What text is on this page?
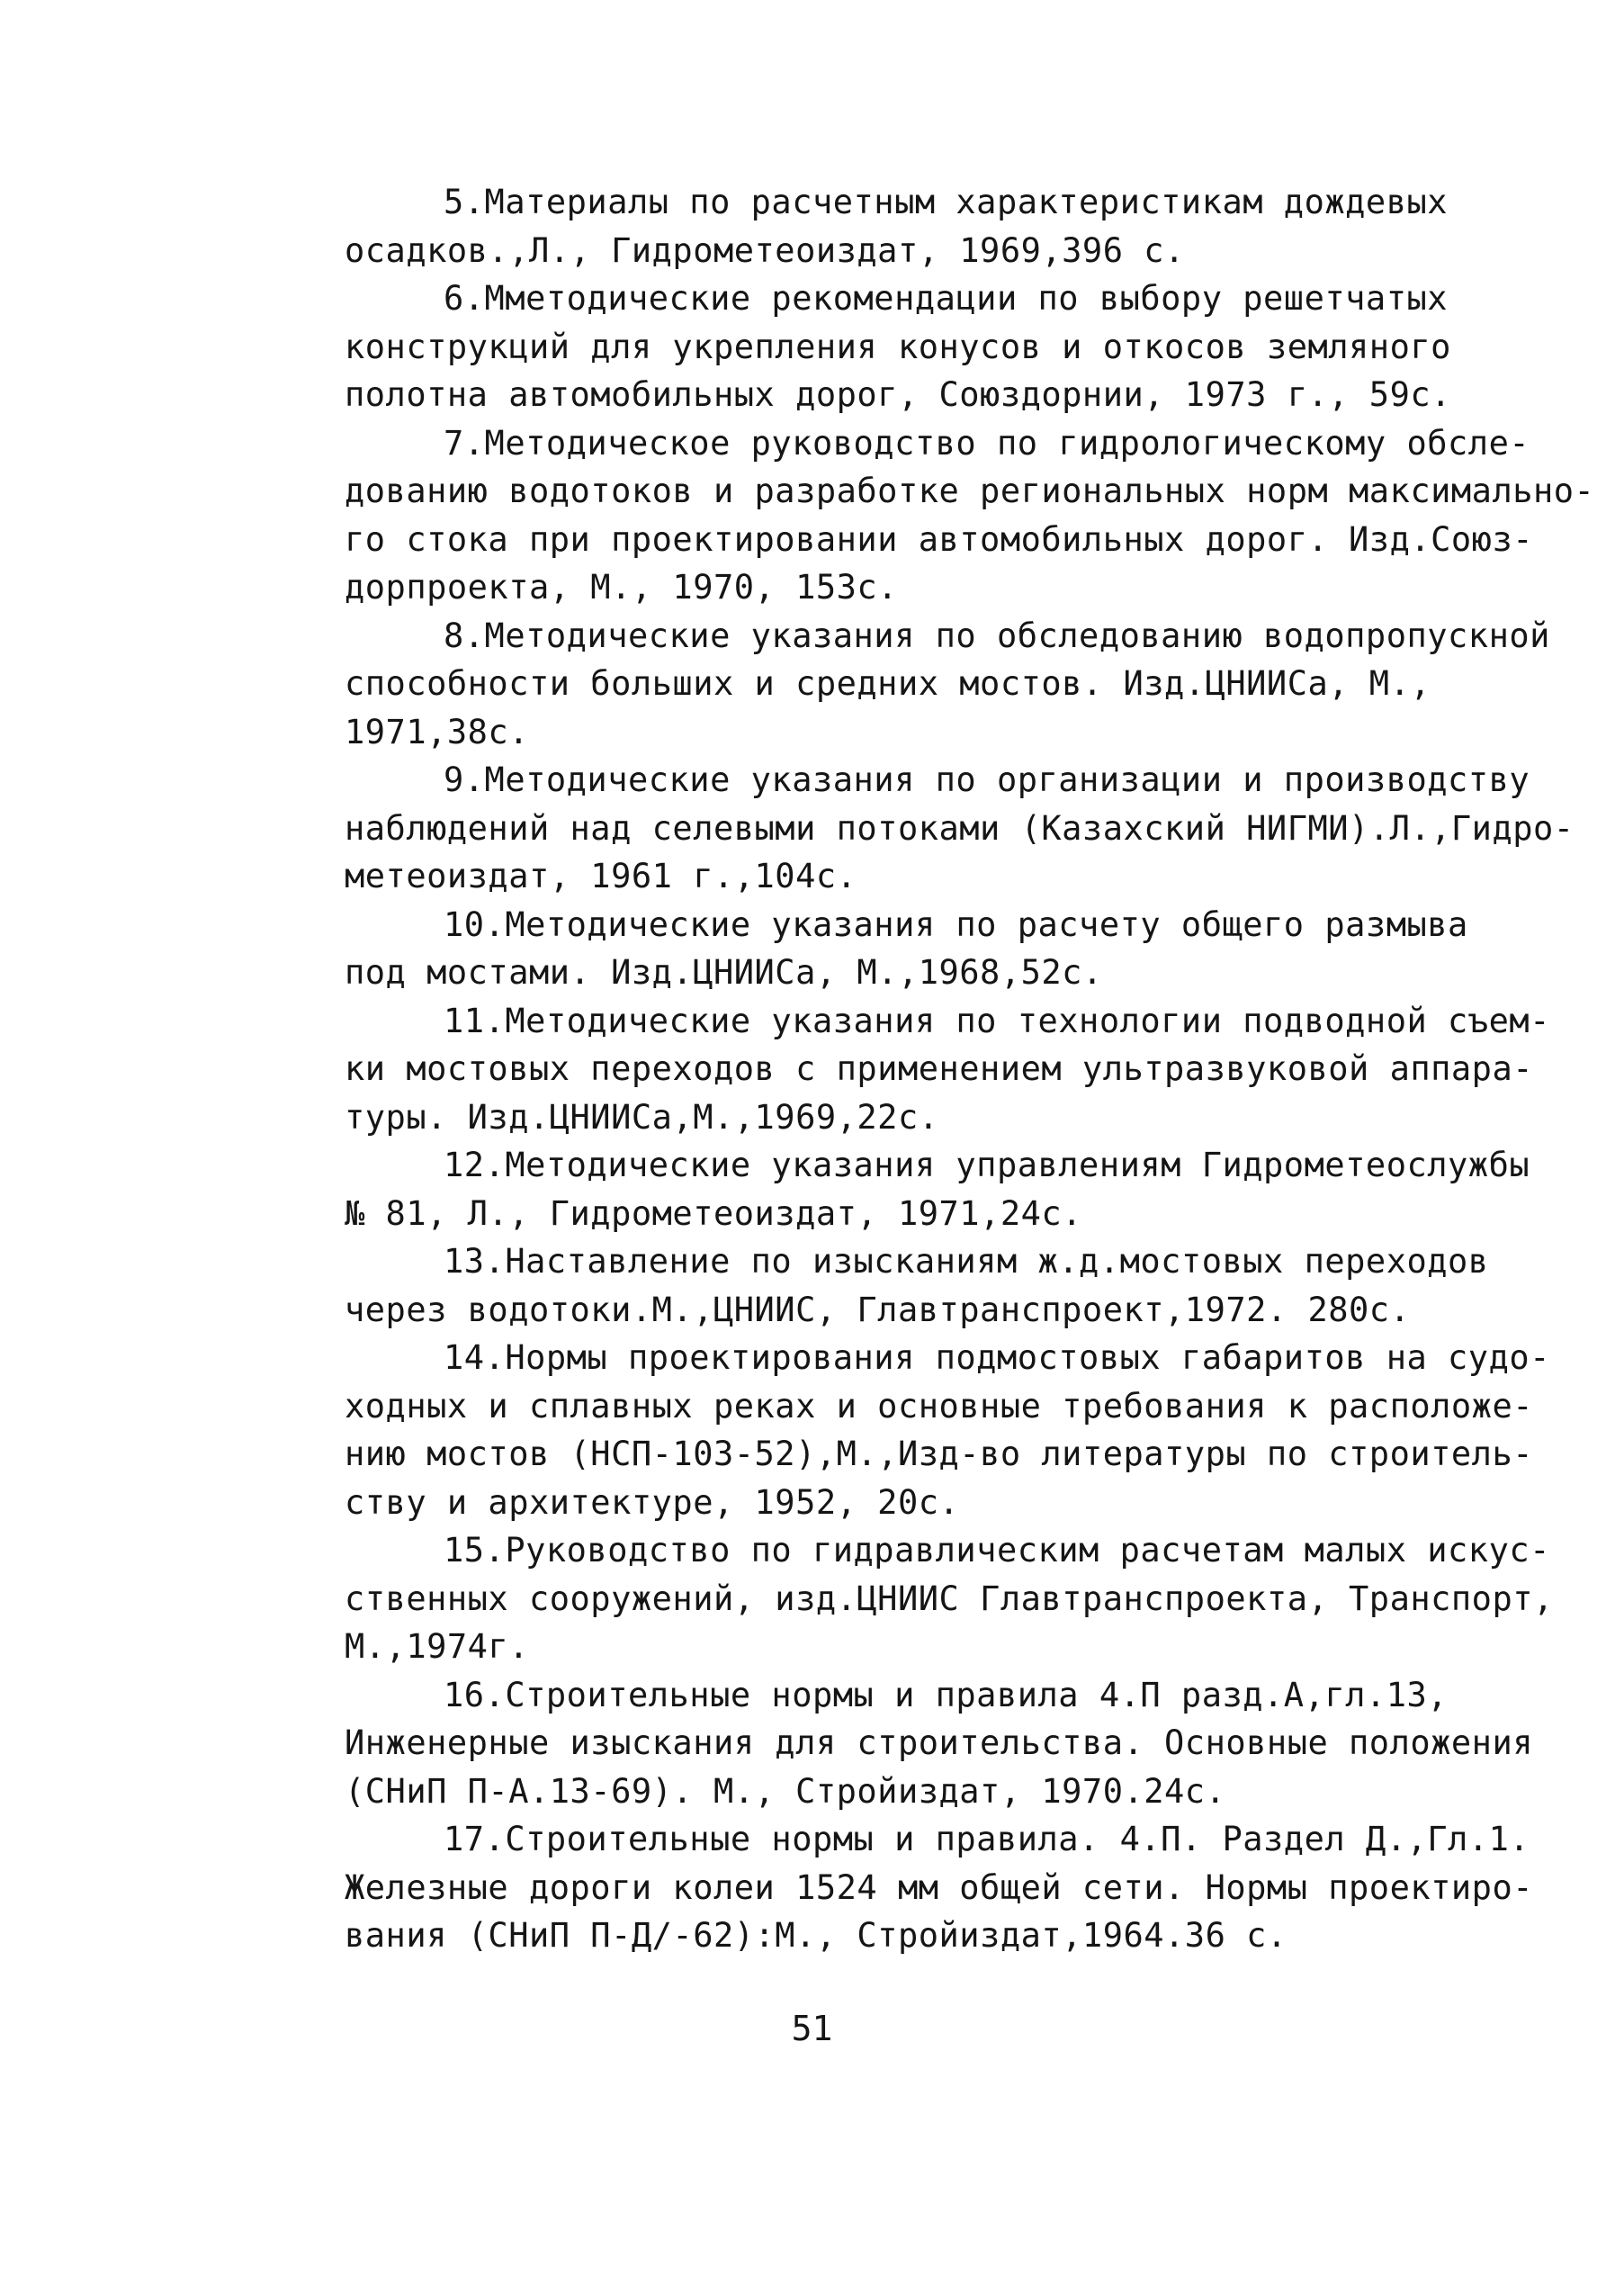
5.Материалы по расчетным характеристикам дождевых
осадков.,Л., Гидрометеоиздат, 1969,396 с.
6.Мметодические рекомендации по выбору решетчатых
конструкций для укрепления конусов и откосов земляного
полотна автомобильных дорог, Союздорнии, 1973 г., 59с.
7.Методическое руководство по гидрологическому обсле-
дованию водотоков и разработке региональных норм максимально-
го стока при проектировании автомобильных дорог. Изд.Союз-
дорпроекта, М., 1970, 153с.
8.Методические указания по обследованию водопропускной
способности больших и средних мостов. Изд.ЦНИИСа, М.,
1971,38с.
9.Методические указания по организации и производству
наблюдений над селевыми потоками (Казахский НИГМИ).Л.,Гидро-
метеоиздат, 1961 г.,104с.
10.Методические указания по расчету общего размыва
под мостами. Изд.ЦНИИСа, М.,1968,52с.
11.Методические указания по технологии подводной съем-
ки мостовых переходов с применением ультразвуковой аппара-
туры. Изд.ЦНИИСа,М.,1969,22с.
12.Методические указания управлениям Гидрометеослужбы
№ 81, Л., Гидрометеоиздат, 1971,24с.
13.Наставление по изысканиям ж.д.мостовых переходов
через водотоки.М.,ЦНИИС, Главтранспроект,1972. 280с.
14.Нормы проектирования подмостовых габаритов на судо-
ходных и сплавных реках и основные требования к расположе-
нию мостов (НСП-103-52),М.,Изд-во литературы по строитель-
ству и архитектуре, 1952, 20с.
15.Руководство по гидравлическим расчетам малых искус-
ственных сооружений, изд.ЦНИИС Главтранспроекта, Транспорт,
М.,1974г.
16.Строительные нормы и правила 4.П разд.А,гл.13,
Инженерные изыскания для строительства. Основные положения
(СНиП П-А.13-69). М., Стройиздат, 1970.24с.
17.Строительные нормы и правила. 4.П. Раздел Д.,Гл.1.
Железные дороги колеи 1524 мм общей сети. Нормы проектиро-
вания (СНиП П-Д/-62):М., Стройиздат,1964.36 с.
51
